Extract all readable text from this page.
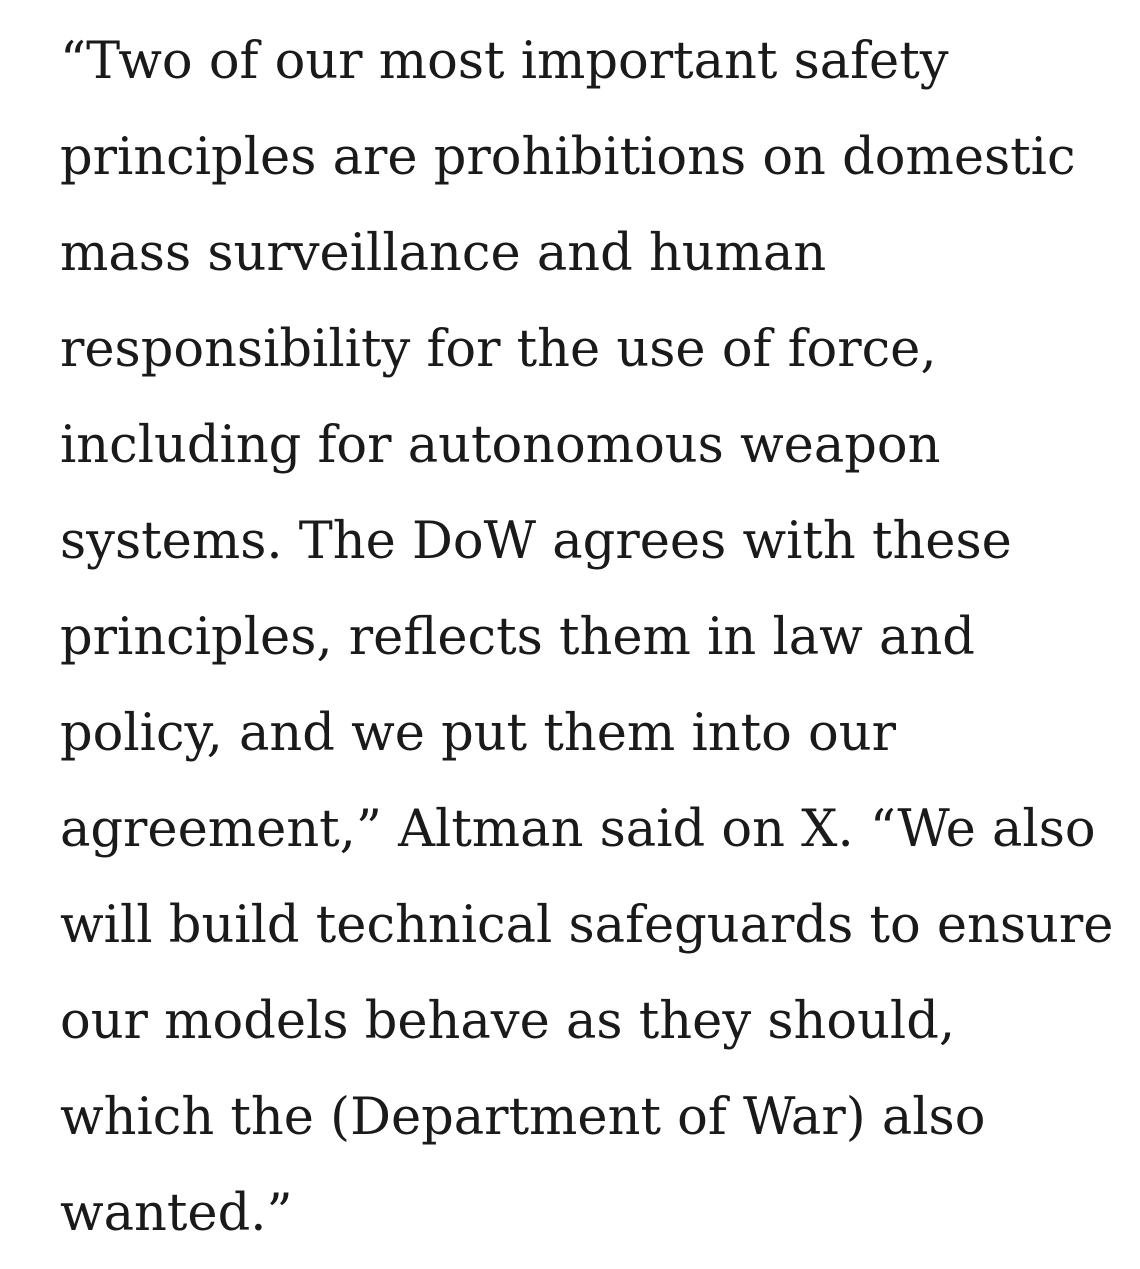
“Two of our most important safety
principles are prohibitions on domestic
mass surveillance and human
responsibility for the use of force,
including for autonomous weapon
systems. The DoW agrees with these
principles, reflects them in law and
policy, and we put them into our
agreement,” Altman said on X. “We also
will build technical safeguards to ensure
our models behave as they should,
which the (Department of War) also
wanted.”
